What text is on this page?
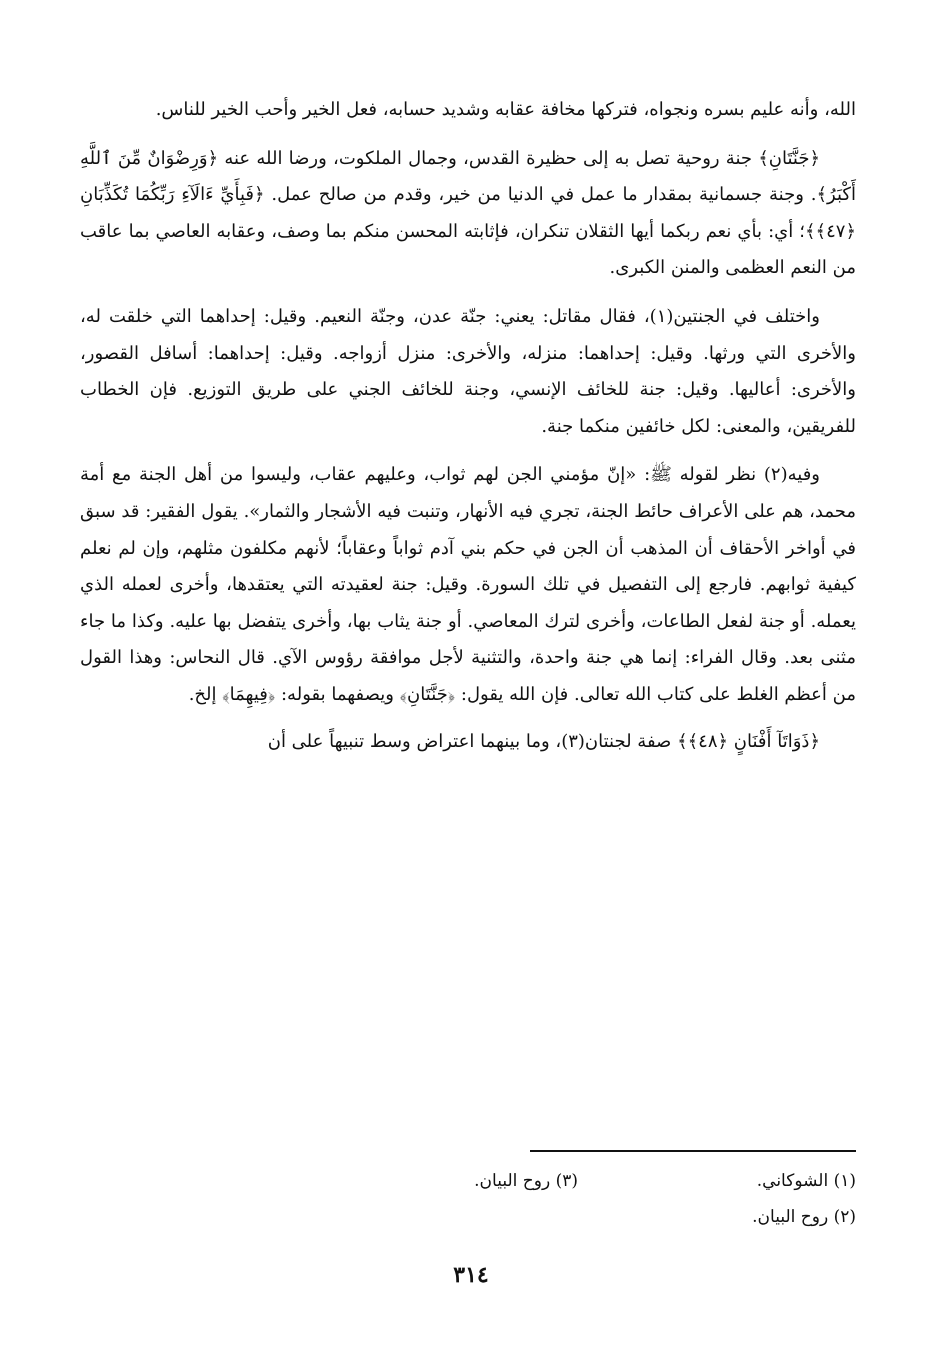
الله، وأنه عليم بسره ونجواه، فتركها مخافة عقابه وشديد حسابه، فعل الخير وأحب الخير للناس.

﴿جَنَّتَانِ﴾ جنة روحية تصل به إلى حظيرة القدس، وجمال الملكوت، ورضا الله عنه ﴿وَرِضْوَانٌ مِّنَ ٱللَّهِ أَكْبَرُ﴾. وجنة جسمانية بمقدار ما عمل في الدنيا من خير، وقدم من صالح عمل. ﴿فَبِأَيِّ ءَالَآءِ رَبِّكُمَا تُكَذِّبَانِ ﴿٤٧﴾﴾؛ أي: بأي نعم ربكما أيها الثقلان تنكران، فإثابته المحسن منكم بما وصف، وعقابه العاصي بما عاقب من النعم العظمى والمنن الكبرى.

واختلف في الجنتين(١)، فقال مقاتل: يعني: جنّة عدن، وجنّة النعيم. وقيل: إحداهما التي خلقت له، والأخرى التي ورثها. وقيل: إحداهما: منزله، والأخرى: منزل أزواجه. وقيل: إحداهما: أسافل القصور، والأخرى: أعاليها. وقيل: جنة للخائف الإنسي، وجنة للخائف الجني على طريق التوزيع. فإن الخطاب للفريقين، والمعنى: لكل خائفين منكما جنة.

وفيه(٢) نظر لقوله ﷺ: «إنّ مؤمني الجن لهم ثواب، وعليهم عقاب، وليسوا من أهل الجنة مع أمة محمد، هم على الأعراف حائط الجنة، تجري فيه الأنهار، وتنبت فيه الأشجار والثمار». يقول الفقير: قد سبق في أواخر الأحقاف أن المذهب أن الجن في حكم بني آدم ثواباً وعقاباً؛ لأنهم مكلفون مثلهم، وإن لم نعلم كيفية ثوابهم. فارجع إلى التفصيل في تلك السورة. وقيل: جنة لعقيدته التي يعتقدها، وأخرى لعمله الذي يعمله. أو جنة لفعل الطاعات، وأخرى لترك المعاصي. أو جنة يثاب بها، وأخرى يتفضل بها عليه. وكذا ما جاء مثنى بعد. وقال الفراء: إنما هي جنة واحدة، والتثنية لأجل موافقة رؤوس الآي. قال النحاس: وهذا القول من أعظم الغلط على كتاب الله تعالى. فإن الله يقول: ﴿جَنَّتَانِ﴾ ويصفهما بقوله: ﴿فِيهِمَا﴾ إلخ.

﴿ذَوَاتَآ أَفْنَانٍ ﴿٤٨﴾﴾ صفة لجنتان(٣)، وما بينهما اعتراض وسط تنبيهاً على أن

(١) الشوكاني.
(٣) روح البيان.
(٢) روح البيان.
٣١٤
